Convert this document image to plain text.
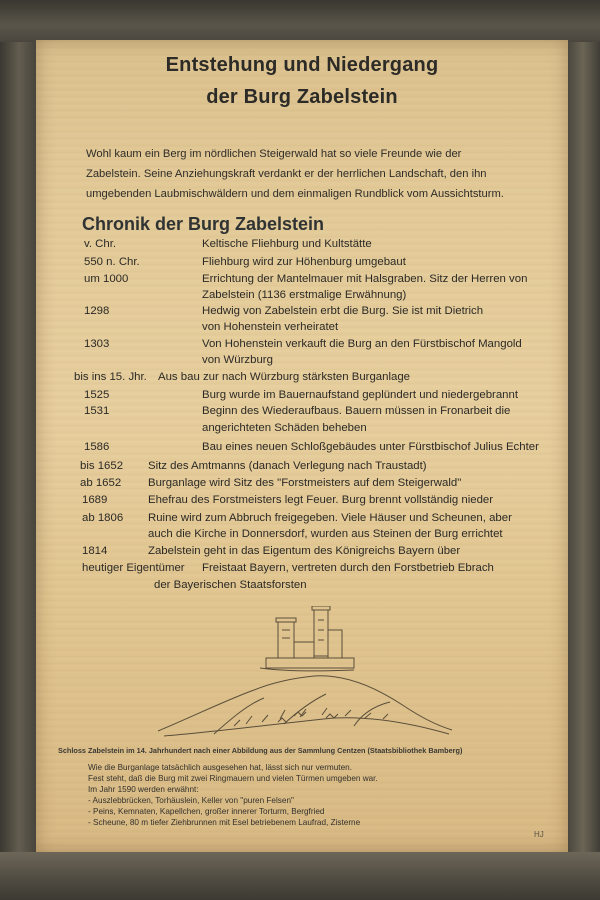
Entstehung und Niedergang
der Burg Zabelstein
Wohl kaum ein Berg im nördlichen Steigerwald hat so viele Freunde wie der
Zabelstein. Seine Anziehungskraft verdankt er der herrlichen Landschaft, den ihn
umgebenden Laubmischwäldern und dem einmaligen Rundblick vom Aussichtsturm.
Chronik der Burg Zabelstein
v. Chr.	Keltische Fliehburg und Kultstätte
550 n. Chr.	Fliehburg wird zur Höhenburg umgebaut
um 1000	Errichtung der Mantelmauer mit Halsgraben. Sitz der Herren von
Zabelstein (1136 erstmalige Erwähnung)
1298	Hedwig von Zabelstein erbt die Burg. Sie ist mit Dietrich
von Hohenstein verheiratet
1303	Von Hohenstein verkauft die Burg an den Fürstbischof Mangold
von Würzburg
bis ins 15. Jhr. Aus bau zur nach Würzburg stärksten Burganlage
1525	Burg wurde im Bauernaufstand geplündert und niedergebrannt
1531	Beginn des Wiederaufbaus. Bauern müssen in Fronarbeit die
angerichteten Schäden beheben
1586	Bau eines neuen Schloßgebäudes unter Fürstbischof Julius Echter
bis 1652 Sitz des Amtmanns (danach Verlegung nach Traustadt)
ab 1652 Burganlage wird Sitz des "Forstmeisters auf dem Steigerwald"
1689	Ehefrau des Forstmeisters legt Feuer. Burg brennt vollständig nieder
ab 1806 Ruine wird zum Abbruch freigegeben. Viele Häuser und Scheunen, aber
auch die Kirche in Donnersdorf, wurden aus Steinen der Burg errichtet
1814	Zabelstein geht in das Eigentum des Königreichs Bayern über
heutiger Eigentümer Freistaat Bayern, vertreten durch den Forstbetrieb Ebrach
der Bayerischen Staatsforsten
Schloss Zabelstein im 14. Jahrhundert nach einer Abbildung aus der Sammlung Centzen (Staatsbibliothek Bamberg)
Wie die Burganlage tatsächlich ausgesehen hat, lässt sich nur vermuten.
Fest steht, daß die Burg mit zwei Ringmauern und vielen Türmen umgeben war.
Im Jahr 1590 werden erwähnt:
- Auszlebbrücken, Torhäuslein, Keller von "puren Felsen"
- Peins, Kemnaten, Kapellchen, großer innerer Torturm, Bergfried
- Scheune, 80 m tiefer Ziehbrunnen mit Esel betriebenem Laufrad, Zisterne
HJ
